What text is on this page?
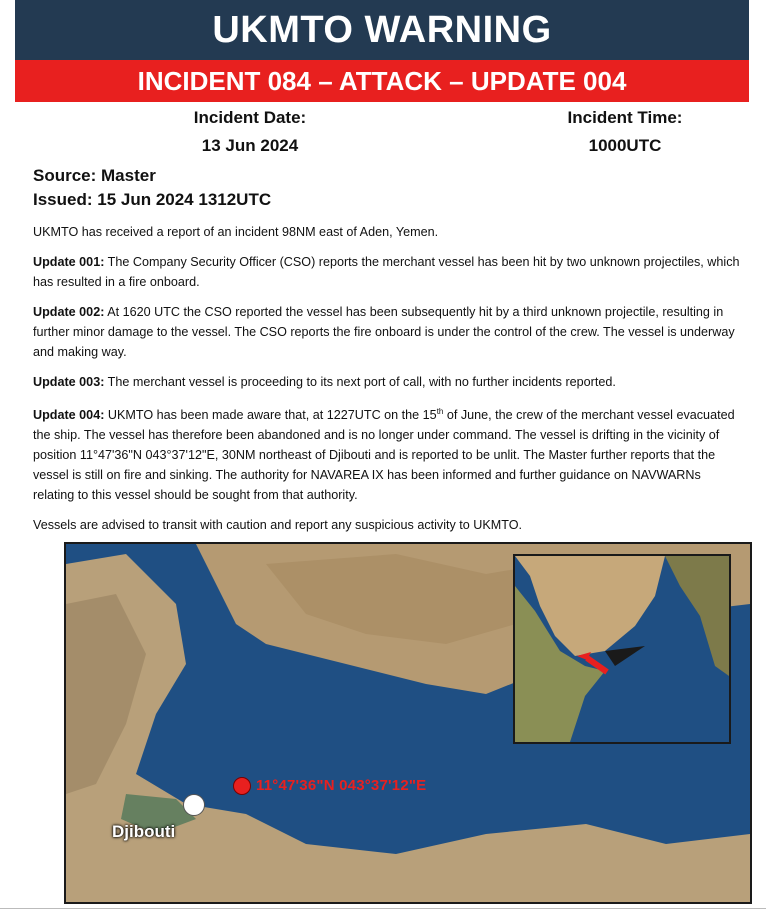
UKMTO WARNING
INCIDENT 084 – ATTACK – UPDATE 004
Incident Date:
13 Jun 2024
Incident Time:
1000UTC
Source: Master
Issued: 15 Jun 2024 1312UTC

UKMTO has received a report of an incident 98NM east of Aden, Yemen.

Update 001: The Company Security Officer (CSO) reports the merchant vessel has been hit by two unknown projectiles, which has resulted in a fire onboard.

Update 002: At 1620 UTC the CSO reported the vessel has been subsequently hit by a third unknown projectile, resulting in further minor damage to the vessel. The CSO reports the fire onboard is under the control of the crew. The vessel is underway and making way.

Update 003: The merchant vessel is proceeding to its next port of call, with no further incidents reported.

Update 004: UKMTO has been made aware that, at 1227UTC on the 15th of June, the crew of the merchant vessel evacuated the ship. The vessel has therefore been abandoned and is no longer under command. The vessel is drifting in the vicinity of position 11°47'36"N 043°37'12"E, 30NM northeast of Djibouti and is reported to be unlit. The Master further reports that the vessel is still on fire and sinking. The authority for NAVAREA IX has been informed and further guidance on NAVWARNs relating to this vessel should be sought from that authority.

Vessels are advised to transit with caution and report any suspicious activity to UKMTO.

Djibouti
11°47'36"N 043°37'12"E
